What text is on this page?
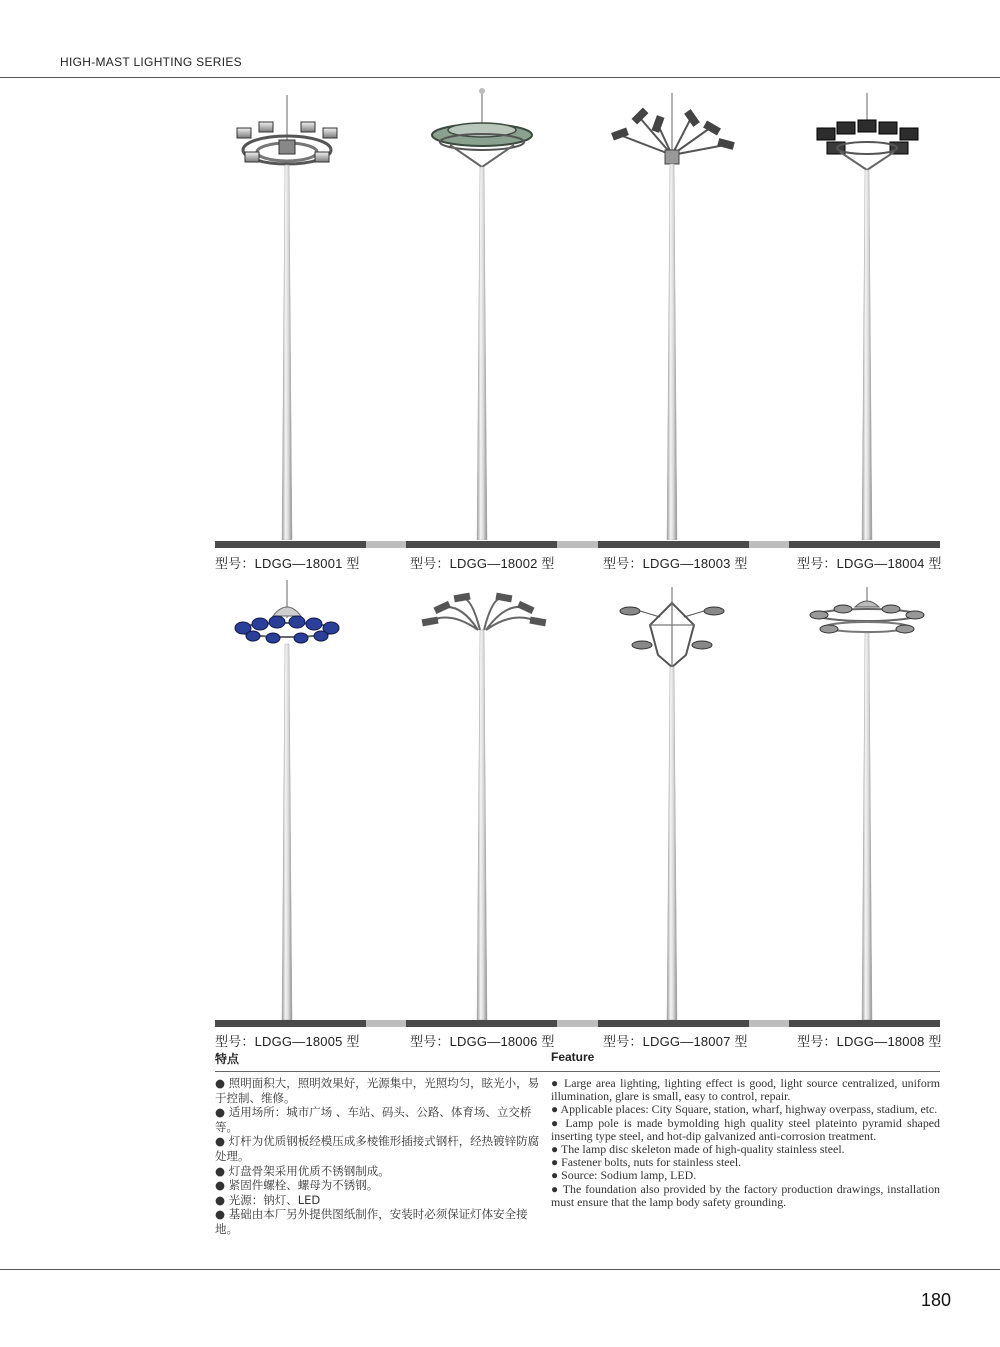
HIGH-MAST LIGHTING SERIES
型号：LDGG—18001 型	型号：LDGG—18002 型	型号：LDGG—18003 型	型号：LDGG—18004 型
型号：LDGG—18005 型	型号：LDGG—18006 型	型号：LDGG—18007 型	型号：LDGG—18008 型
特点	Feature

● 照明面积大，照明效果好，光源集中，光照均匀，眩光小，易于控制、维修。

● 适用场所：城市广场 、车站、码头、公路、体育场、立交桥等。

● 灯杆为优质钢板经模压成多棱锥形插接式钢杆，经热镀锌防腐处理。

● 灯盘骨架采用优质不锈钢制成。

● 紧固件螺栓、螺母为不锈钢。

● 光源：钠灯、LED

● 基础由本厂另外提供图纸制作，安装时必须保证灯体安全接地。

● Large area lighting, lighting effect is good, light source centralized, uniform illumination, glare is small, easy to control, repair.

● Applicable places: City Square, station, wharf, highway overpass, stadium, etc.

● Lamp pole is made bymolding high quality steel plateinto pyramid shaped inserting type steel, and hot-dip galvanized anti-corrosion treatment.

● The lamp disc skeleton made of high-quality stainless steel.

● Fastener bolts, nuts for stainless steel.

● Source: Sodium lamp, LED.

● The foundation also provided by the factory production drawings, installation must ensure that the lamp body safety grounding.

180
